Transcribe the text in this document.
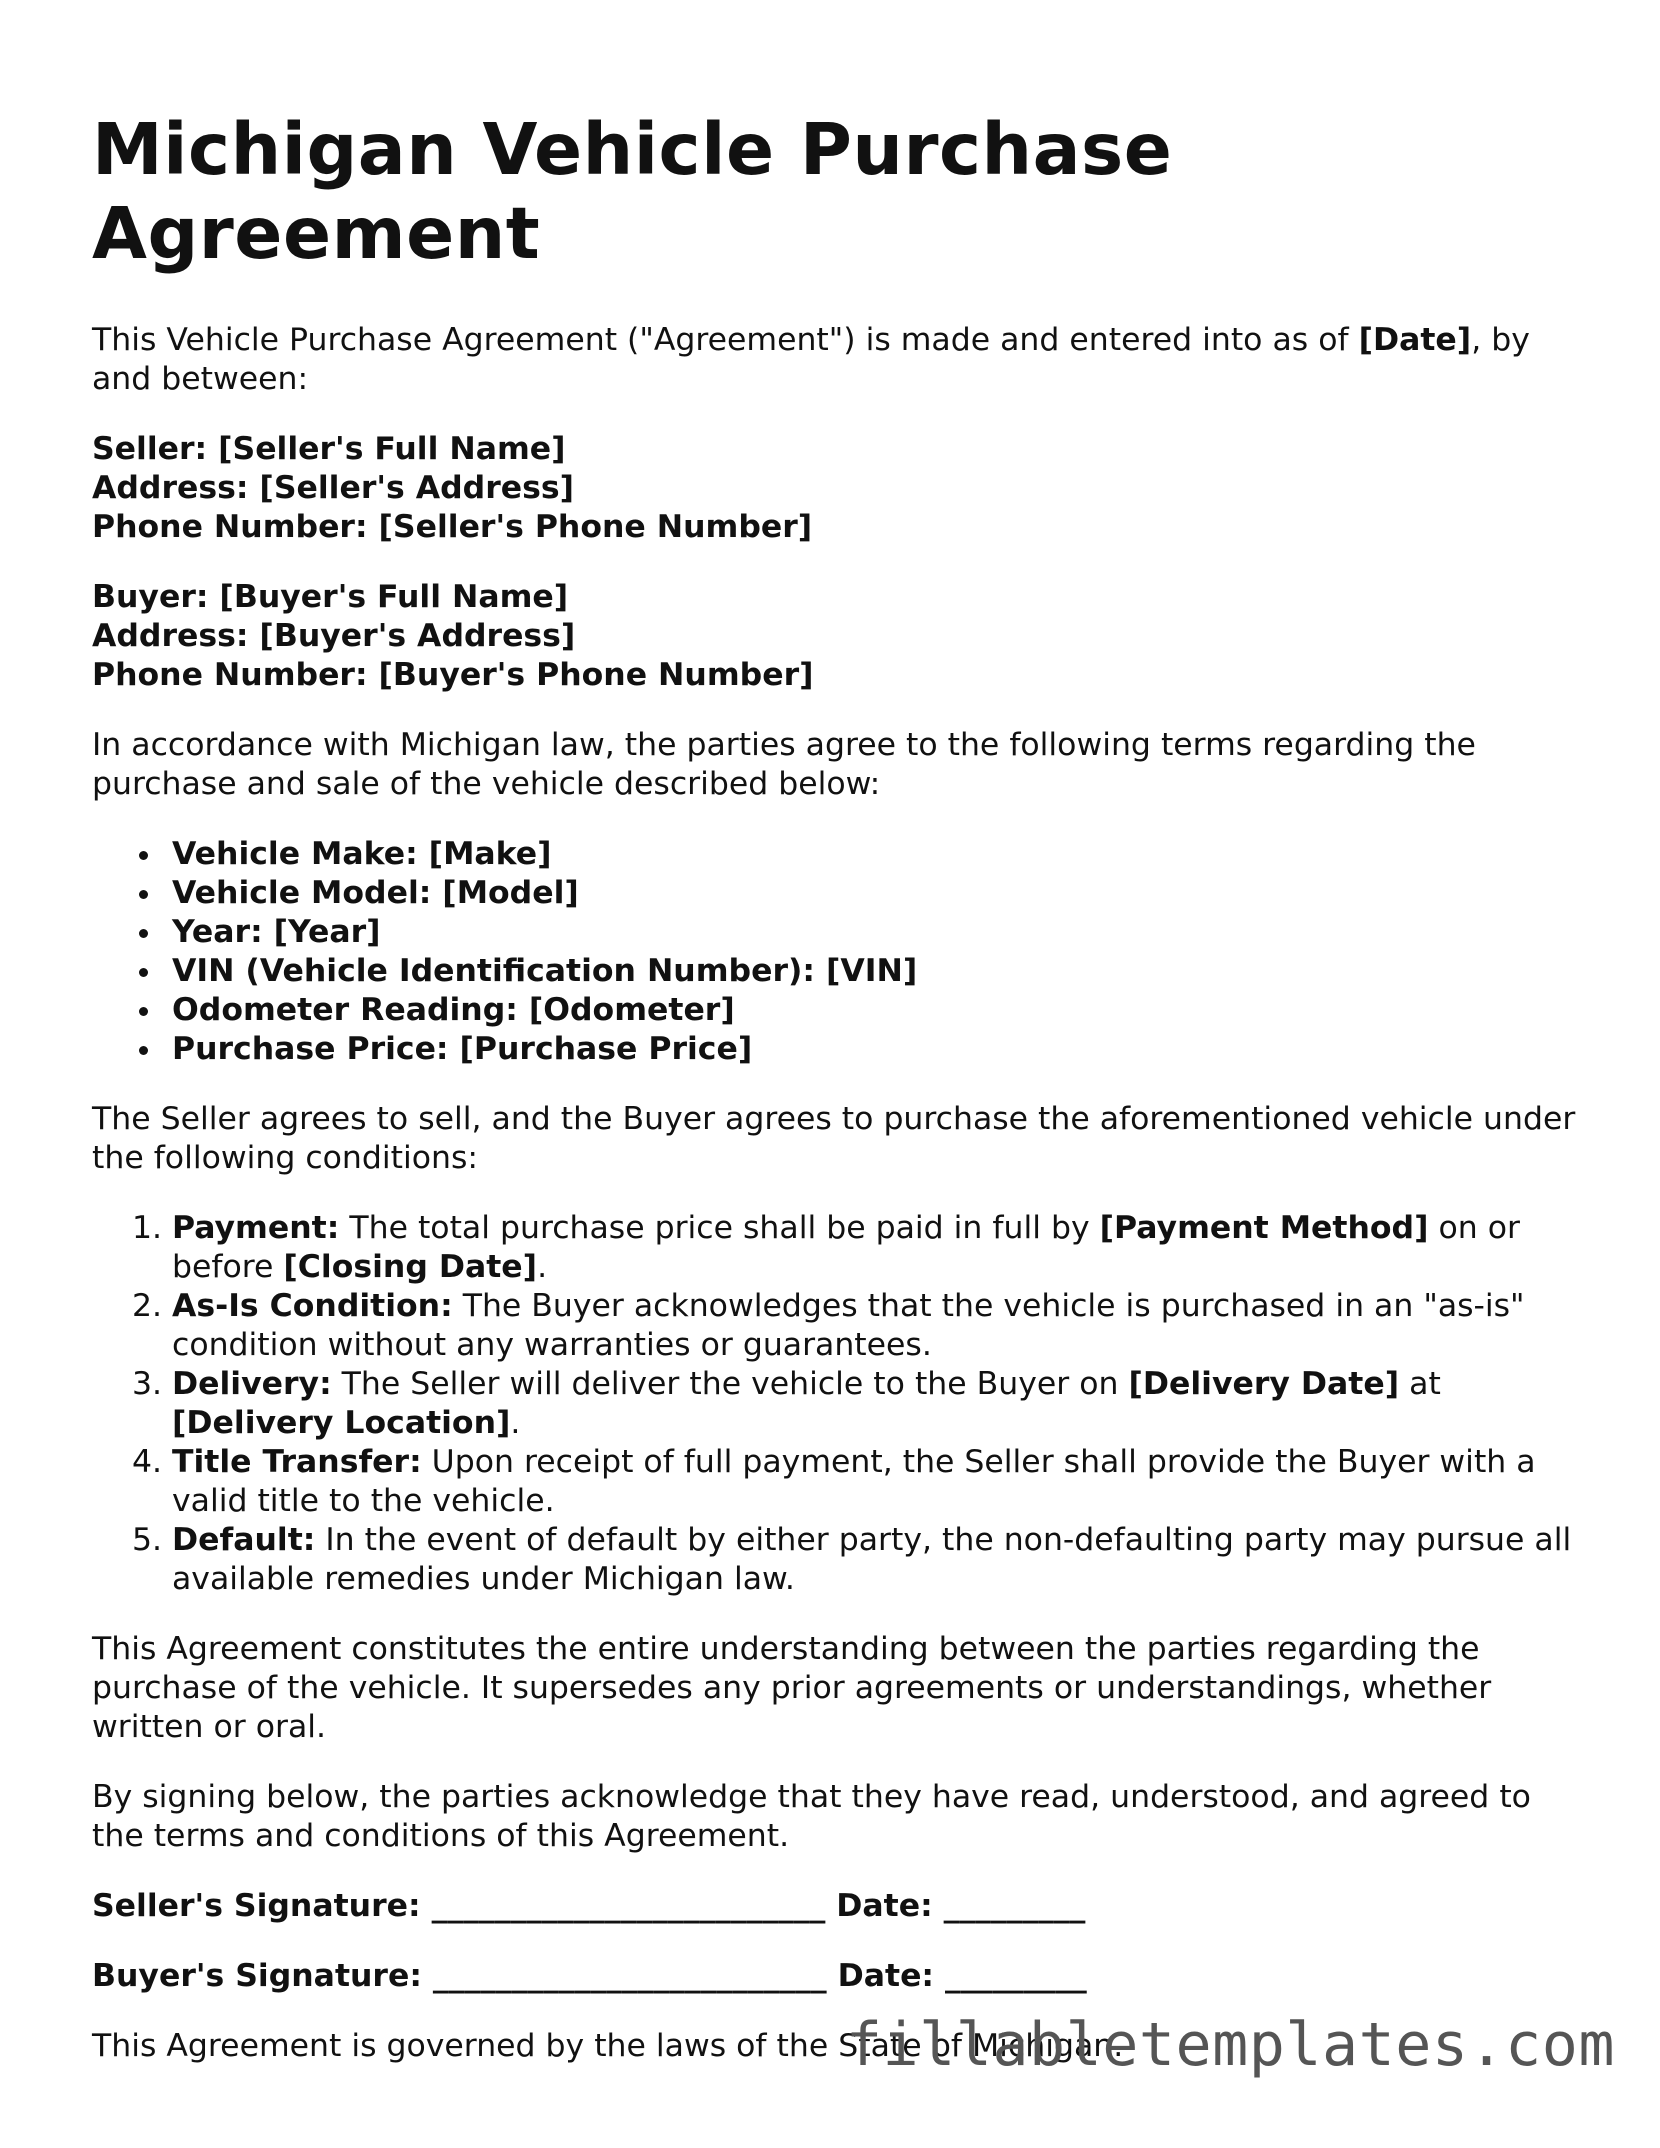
Michigan Vehicle Purchase Agreement

This Vehicle Purchase Agreement ("Agreement") is made and entered into as of [Date], by and between:

Seller: [Seller's Full Name]
Address: [Seller's Address]
Phone Number: [Seller's Phone Number]
Buyer: [Buyer's Full Name]
Address: [Buyer's Address]
Phone Number: [Buyer's Phone Number]

In accordance with Michigan law, the parties agree to the following terms regarding the purchase and sale of the vehicle described below:

Vehicle Make: [Make]
Vehicle Model: [Model]
Year: [Year]
VIN (Vehicle Identification Number): [VIN]
Odometer Reading: [Odometer]
Purchase Price: [Purchase Price]

The Seller agrees to sell, and the Buyer agrees to purchase the aforementioned vehicle under the following conditions:

1. Payment: The total purchase price shall be paid in full by [Payment Method] on or before [Closing Date].
2. As-Is Condition: The Buyer acknowledges that the vehicle is purchased in an "as-is" condition without any warranties or guarantees.
3. Delivery: The Seller will deliver the vehicle to the Buyer on [Delivery Date] at [Delivery Location].
4. Title Transfer: Upon receipt of full payment, the Seller shall provide the Buyer with a valid title to the vehicle.
5. Default: In the event of default by either party, the non-defaulting party may pursue all available remedies under Michigan law.

This Agreement constitutes the entire understanding between the parties regarding the purchase of the vehicle. It supersedes any prior agreements or understandings, whether written or oral.

By signing below, the parties acknowledge that they have read, understood, and agreed to the terms and conditions of this Agreement.

Seller's Signature: _________________________ Date: _________
Buyer's Signature: _________________________ Date: _________

This Agreement is governed by the laws of the State of Michigan.

fillabletemplates.com
